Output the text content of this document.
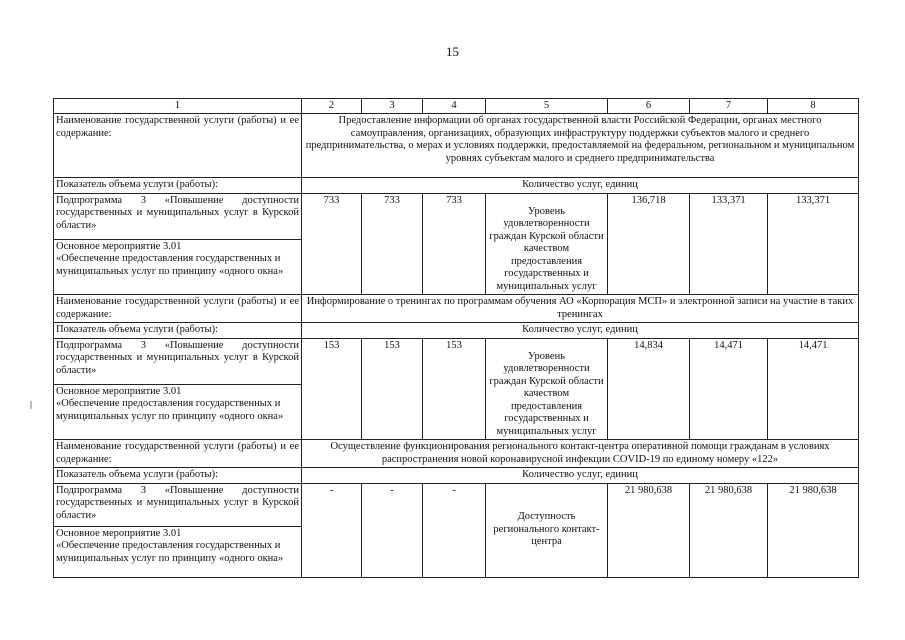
15
1	2	3	4	5	6	7	8
Наименование государственной услуги (работы) и ее содержание:	Предоставление информации об органах государственной власти Российской Федерации, органах местного самоуправления, организациях, образующих инфраструктуру поддержки субъектов малого и среднего предпринимательства, о мерах и условиях поддержки, предоставляемой на федеральном, региональном и муниципальном уровнях субъектам малого и среднего предпринимательства						
Показатель объема услуги (работы):	Количество услуг, единиц						
Подпрограмма 3 «Повышение доступности государственных и муниципальных услуг в Курской области»	733	733	733	Уровень удовлетворенности граждан Курской области качеством предоставления государственных и муниципальных услуг	136,718	133,371	133,371
Основное мероприятие 3.01
«Обеспечение предоставления государственных и муниципальных услуг по принципу «одного окна»							
Наименование государственной услуги (работы) и ее содержание:	Информирование о тренингах по программам обучения АО «Корпорация МСП» и электронной записи на участие в таких тренингах						
Показатель объема услуги (работы):	Количество услуг, единиц						
Подпрограмма 3 «Повышение доступности государственных и муниципальных услуг в Курской области»	153	153	153	Уровень удовлетворенности граждан Курской области качеством предоставления государственных и муниципальных услуг	14,834	14,471	14,471
Основное мероприятие 3.01
«Обеспечение предоставления государственных и муниципальных услуг по принципу «одного окна»							
Наименование государственной услуги (работы) и ее содержание:	Осуществление функционирования регионального контакт-центра оперативной помощи гражданам в условиях распространения новой коронавирусной инфекции COVID-19 по единому номеру «122»						
Показатель объема услуги (работы):	Количество услуг, единиц						
Подпрограмма 3 «Повышение доступности государственных и муниципальных услуг в Курской области»	-	-	-	Доступность регионального контакт-центра	21 980,638	21 980,638	21 980,638
Основное мероприятие 3.01
«Обеспечение предоставления государственных и муниципальных услуг по принципу «одного окна»							
